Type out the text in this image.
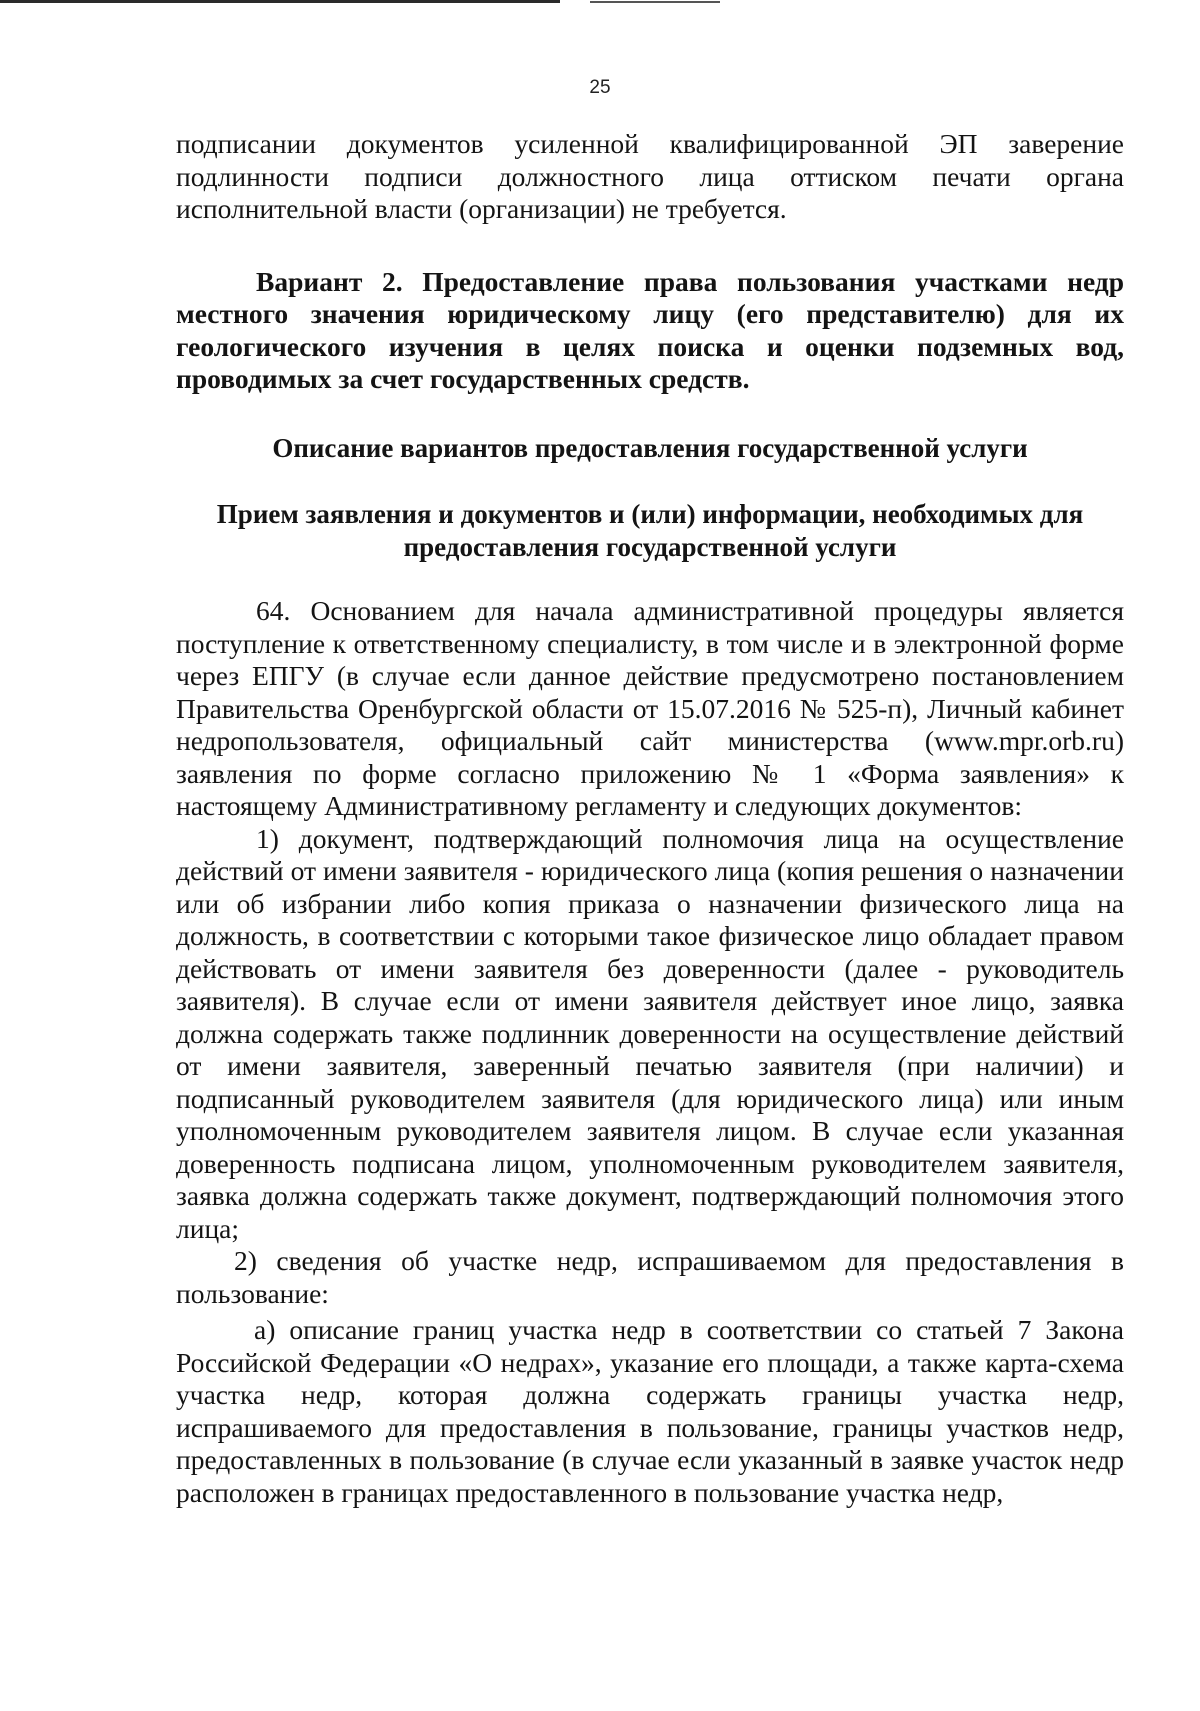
25

подписании документов усиленной квалифицированной ЭП заверение подлинности подписи должностного лица оттиском печати органа исполнительной власти (организации) не требуется.

Вариант 2. Предоставление права пользования участками недр местного значения юридическому лицу (его представителю) для их геологического изучения в целях поиска и оценки подземных вод, проводимых за счет государственных средств.

Описание вариантов предоставления государственной услуги

Прием заявления и документов и (или) информации, необходимых для предоставления государственной услуги

64. Основанием для начала административной процедуры является поступление к ответственному специалисту, в том числе и в электронной форме через ЕПГУ (в случае если данное действие предусмотрено постановлением Правительства Оренбургской области от 15.07.2016 № 525-п), Личный кабинет недропользователя, официальный сайт министерства (www.mpr.orb.ru) заявления по форме согласно приложению № 1 «Форма заявления» к настоящему Административному регламенту и следующих документов:

1) документ, подтверждающий полномочия лица на осуществление действий от имени заявителя - юридического лица (копия решения о назначении или об избрании либо копия приказа о назначении физического лица на должность, в соответствии с которыми такое физическое лицо обладает правом действовать от имени заявителя без доверенности (далее - руководитель заявителя). В случае если от имени заявителя действует иное лицо, заявка должна содержать также подлинник доверенности на осуществление действий от имени заявителя, заверенный печатью заявителя (при наличии) и подписанный руководителем заявителя (для юридического лица) или иным уполномоченным руководителем заявителя лицом. В случае если указанная доверенность подписана лицом, уполномоченным руководителем заявителя, заявка должна содержать также документ, подтверждающий полномочия этого лица;

2) сведения об участке недр, испрашиваемом для предоставления в пользование:

а) описание границ участка недр в соответствии со статьей 7 Закона Российской Федерации «О недрах», указание его площади, а также карта-схема участка недр, которая должна содержать границы участка недр, испрашиваемого для предоставления в пользование, границы участков недр, предоставленных в пользование (в случае если указанный в заявке участок недр расположен в границах предоставленного в пользование участка недр,
